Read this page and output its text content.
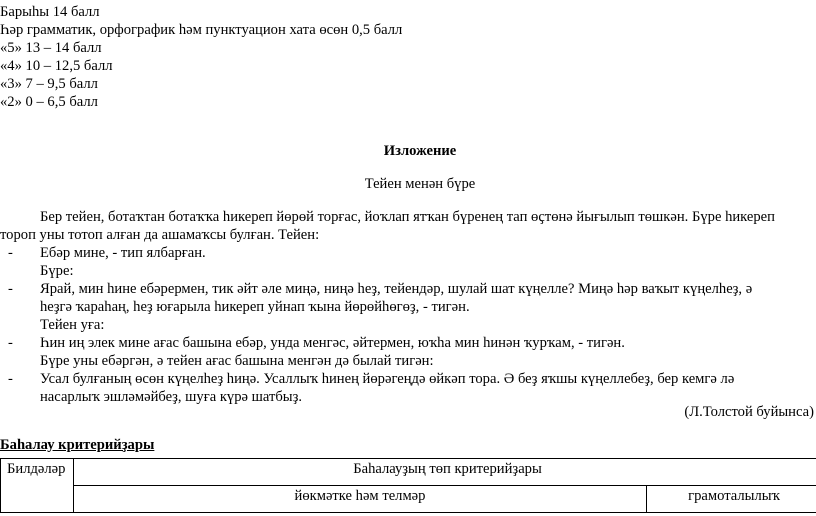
Барыһы 14 балл
Һәр грамматик, орфографик һәм пунктуацион хата өсөн 0,5 балл
«5» 13 – 14 балл
«4» 10 – 12,5 балл
«3» 7 – 9,5 балл
«2» 0 – 6,5 балл
Изложение
Тейен менән бүре
Бер тейен, ботаҡтан ботаҡҡа һикереп йөрөй торғас, йоҡлап ятҡан бүренең тап өҫтөнә йығылып төшкән. Бүре һикереп
тороп уны тотоп алған да ашамаҡсы булған. Тейен:
- Ебәр мине, - тип ялбарған.
Бүре:
- Ярай, мин һине ебәрермен, тик әйт әле миңә, ниңә һеҙ, тейендәр, шулай шат күңелле? Миңә һәр ваҡыт күңелһеҙ, ә
һеҙгә ҡараһаң, һеҙ юғарыла һикереп уйнап ҡына йөрөйһөгөҙ, - тигән.
Тейен уға:
- Һин иң элек мине ағас башына ебәр, унда менгәс, әйтермен, юҡһа мин һинән ҡурҡам, - тигән.
Бүре уны ебәргән, ә тейен ағас башына менгән дә былай тигән:
- Усал булғаның өсөн күңелһеҙ һиңә. Усаллыҡ һинең йөрәгеңдә өйкәп тора. Ә беҙ яҡшы күңеллебеҙ, бер кемгә лә
насарлыҡ эшләмәйбеҙ, шуға күрә шатбыҙ.
(Л.Толстой буйынса)
Баһалау критерийҙары
Билдәләр	Баһалауҙың төп критерийҙары	
	йөкмәтке һәм телмәр	грамоталылыҡ
